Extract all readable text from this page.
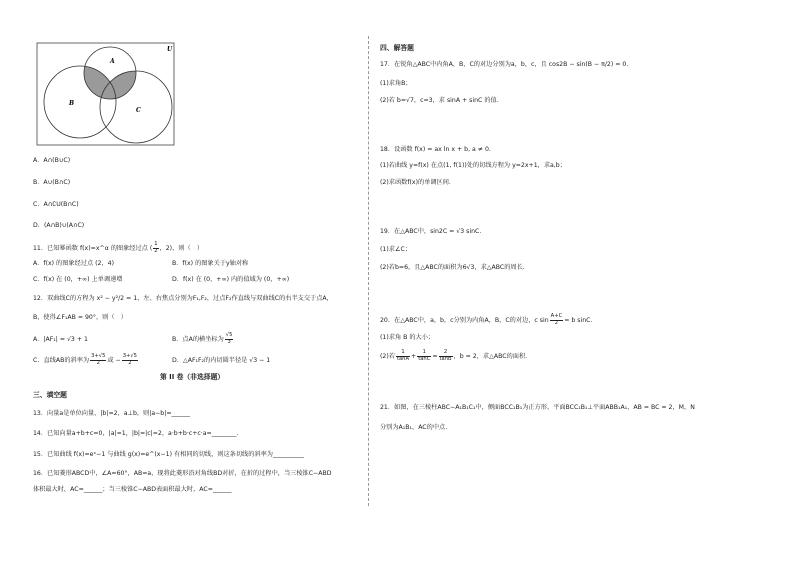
U
A
B
C
A．A∩(B∪C)
B．A∪(B∩C)
C．A∩∁U(B∩C)
D．(A∩B)∪(A∩C)
11．已知幂函数 f(x)=x^α 的图象经过点 ( $\frac{1}{2}$ ，2)，则（　）
A．f(x) 的图象经过点 (2，4)	B．f(x) 的图象关于y轴对称
C．f(x) 在 (0，+∞) 上单调递增	D．f(x) 在 (0，+∞) 内的值域为 (0，+∞)
12．双曲线C的方程为 x² − y²/2 = 1，左、右焦点分别为F₁,F₂，过点F₂作直线与双曲线C的右半支交于点A，
B，使得∠F₁AB = 90°，则（　）
A．|AF₁| = √3 + 1	B．点A的横坐标为 $\frac{√5}{3}$
C．直线AB的斜率为 $\frac{3+√5}{2}$ 或 − $\frac{3+√5}{2}$	D．△AF₁F₂的内切圆半径是 √3 − 1
第 II 卷（非选择题）
三、填空题
13．向量a是单位向量，|b|=2，a⊥b，则|a−b|=______
14．已知向量a+b+c=0，|a|=1，|b|=|c|=2，a·b+b·c+c·a=________.
15．已知曲线 f(x)=eˣ−1 与曲线 g(x)=e^(x−1) 有相同的切线，则这条切线的斜率为__________
16．已知菱形ABCD中，∠A=60°，AB=a，现将此菱形沿对角线BD对折，在折的过程中，当三棱锥C−ABD
体积最大时，AC=______；当三棱锥C−ABD表面积最大时，AC=______
四、解答题
17．在锐角△ABC中内角A，B，C的对边分别为a，b，c，且 cos2B − sin(B − π/2) = 0.
(1)求角B；
(2)若 b=√7，c=3，求 sinA + sinC 的值.
18．设函数 f(x) = ax ln x + b, a ≠ 0.
(1)若曲线 y=f(x) 在点(1, f(1))处的切线方程为 y=2x+1，求a,b；
(2)求函数f(x)的单调区间.
19．在△ABC中，sin2C = √3 sinC.
(1)求∠C；
(2)若b=6，且△ABC的面积为6√3，求△ABC的周长.
20．在△ABC中，a，b，c分别为内角A，B，C的对边，c $\sin \frac{A+C}{2} = b$ sinC.
(1)求角 B 的大小；
(2)若 $\frac{1}{\tan A} + \frac{1}{\tan C} = \frac{2}{\tan B}$ ，b = 2，求△ABC的面积.
21．如图，在三棱柱ABC−A₁B₁C₁中，侧面BCC₁B₁为正方形，平面BCC₁B₁⊥平面ABB₁A₁，AB = BC = 2，M，N
分别为A₁B₁，AC的中点.
